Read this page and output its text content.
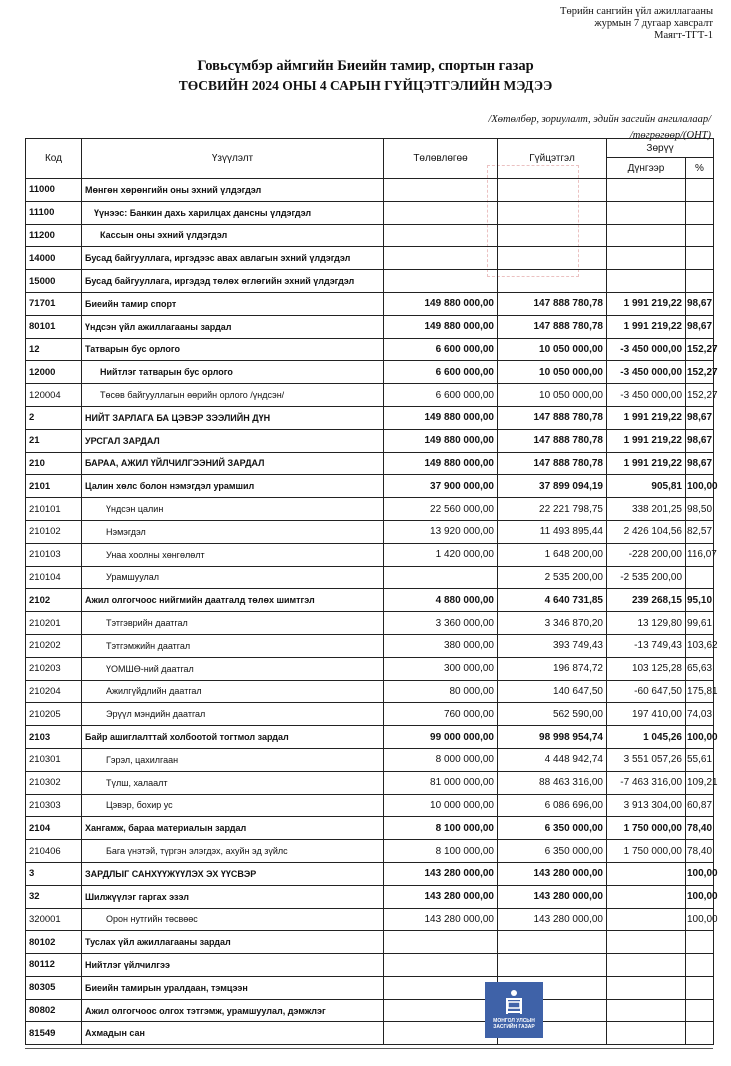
Төрийн сангийн үйл ажиллагааны
журмын 7 дугаар хавсралт
Маягт-ТГТ-1
Говьсүмбэр аймгийн Биеийн тамир, спортын газар
ТӨСВИЙН 2024 ОНЫ 4 САРЫН ГҮЙЦЭТГЭЛИЙН МЭДЭЭ
/Хөтөлбөр, зориулалт, эдийн засгийн ангилалаар/
/төгрөгөөр/(ОНТ)
Код	Үзүүлэлт	Төлөвлөгөө	Гүйцэтгэл	Зөрүү	
				Дүнгээр	%
11000	Мөнгөн хөрөнгийн оны эхний үлдэгдэл				
11100	Үүнээс: Банкин дахь харилцах дансны үлдэгдэл				
11200	Кассын оны эхний үлдэгдэл				
14000	Бусад байгууллага, иргэдээс авах авлагын эхний үлдэгдэл				
15000	Бусад байгууллага, иргэдэд төлөх өглөгийн эхний үлдэгдэл				
71701	Биеийн тамир спорт	149 880 000,00	147 888 780,78	1 991 219,22	98,67
80101	Үндсэн үйл ажиллагааны зардал	149 880 000,00	147 888 780,78	1 991 219,22	98,67
12	Татварын бус орлого	6 600 000,00	10 050 000,00	-3 450 000,00	152,27
12000	Нийтлэг татварын бус орлого	6 600 000,00	10 050 000,00	-3 450 000,00	152,27
120004	Төсөв байгууллагын өөрийн орлого /үндсэн/	6 600 000,00	10 050 000,00	-3 450 000,00	152,27
2	НИЙТ ЗАРЛАГА БА ЦЭВЭР ЗЭЭЛИЙН ДҮН	149 880 000,00	147 888 780,78	1 991 219,22	98,67
21	УРСГАЛ ЗАРДАЛ	149 880 000,00	147 888 780,78	1 991 219,22	98,67
210	БАРАА, АЖИЛ ҮЙЛЧИЛГЭЭНИЙ ЗАРДАЛ	149 880 000,00	147 888 780,78	1 991 219,22	98,67
2101	Цалин хөлс болон нэмэгдэл урамшил	37 900 000,00	37 899 094,19	905,81	100,00
210101	Үндсэн цалин	22 560 000,00	22 221 798,75	338 201,25	98,50
210102	Нэмэгдэл	13 920 000,00	11 493 895,44	2 426 104,56	82,57
210103	Унаа хоолны хөнгөлөлт	1 420 000,00	1 648 200,00	-228 200,00	116,07
210104	Урамшуулал		2 535 200,00	-2 535 200,00	
2102	Ажил олгогчоос нийгмийн даатгалд төлөх шимтгэл	4 880 000,00	4 640 731,85	239 268,15	95,10
210201	Тэтгэврийн даатгал	3 360 000,00	3 346 870,20	13 129,80	99,61
210202	Тэтгэмжийн даатгал	380 000,00	393 749,43	-13 749,43	103,62
210203	ҮОМШӨ-ний даатгал	300 000,00	196 874,72	103 125,28	65,63
210204	Ажилгүйдлийн даатгал	80 000,00	140 647,50	-60 647,50	175,81
210205	Эрүүл мэндийн даатгал	760 000,00	562 590,00	197 410,00	74,03
2103	Байр ашиглалттай холбоотой тогтмол зардал	99 000 000,00	98 998 954,74	1 045,26	100,00
210301	Гэрэл, цахилгаан	8 000 000,00	4 448 942,74	3 551 057,26	55,61
210302	Түлш, халаалт	81 000 000,00	88 463 316,00	-7 463 316,00	109,21
210303	Цэвэр, бохир ус	10 000 000,00	6 086 696,00	3 913 304,00	60,87
2104	Хангамж, бараа материалын зардал	8 100 000,00	6 350 000,00	1 750 000,00	78,40
210406	Бага үнэтэй, түргэн элэгдэх, ахуйн эд зүйлс	8 100 000,00	6 350 000,00	1 750 000,00	78,40
3	ЗАРДЛЫГ САНХҮҮЖҮҮЛЭХ ЭХ ҮҮСВЭР	143 280 000,00	143 280 000,00		100,00
32	Шилжүүлэг гаргах эзэл	143 280 000,00	143 280 000,00		100,00
320001	Орон нутгийн төсвөөс	143 280 000,00	143 280 000,00		100,00
80102	Туслах үйл ажиллагааны зардал				
80112	Нийтлэг үйлчилгээ				
80305	Биеийн тамирын уралдаан, тэмцээн				
80802	Ажил олгогчоос олгох тэтгэмж, урамшуулал, дэмжлэг				
81549	Ахмадын сан				
МОНГОЛ УЛСЫН ЗАСГИЙН ГАЗАР
